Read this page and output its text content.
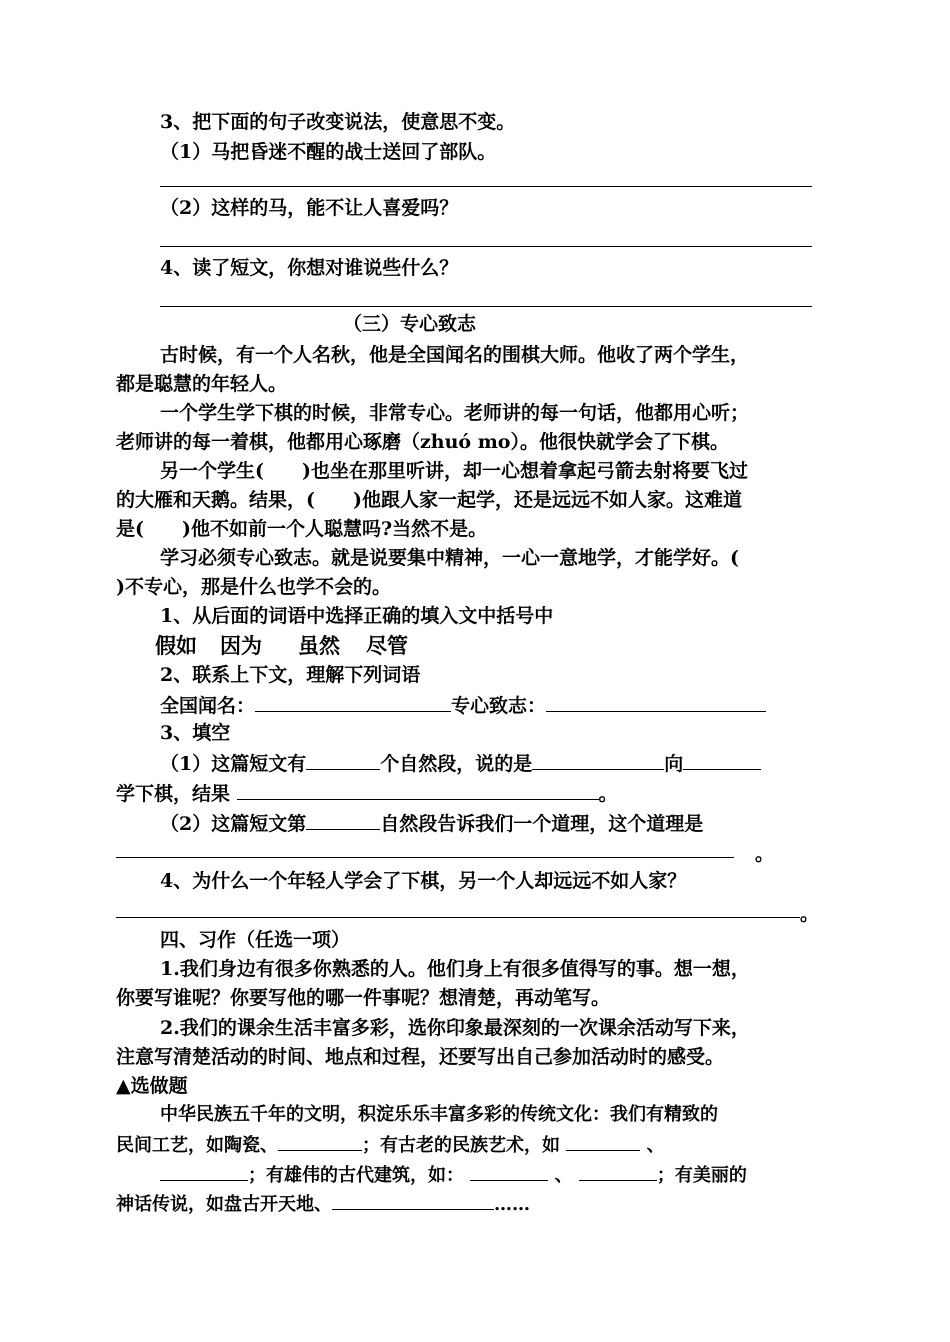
3、把下面的句子改变说法，使意思不变。
（1）马把昏迷不醒的战士送回了部队。
（2）这样的马，能不让人喜爱吗？
4、读了短文，你想对谁说些什么？
（三）专心致志
古时候，有一个人名秋，他是全国闻名的围棋大师。他收了两个学生，
都是聪慧的年轻人。
一个学生学下棋的时候，非常专心。老师讲的每一句话，他都用心听；
老师讲的每一着棋，他都用心琢磨（zhuó mo）。他很快就学会了下棋。
另一个学生(　　)也坐在那里听讲，却一心想着拿起弓箭去射将要飞过
的大雁和天鹅。结果，(　　)他跟人家一起学，还是远远不如人家。这难道
是(　　)他不如前一个人聪慧吗?当然不是。
学习必须专心致志。就是说要集中精神，一心一意地学，才能学好。(
)不专心，那是什么也学不会的。
1、从后面的词语中选择正确的填入文中括号中
假如 因为 虽然 尽管
2、联系上下文，理解下列词语
全国闻名：	专心致志：
3、填空
（1）这篇短文有	个自然段，说的是	向
学下棋，结果	。
（2）这篇短文第	自然段告诉我们一个道理，这个道理是
。
4、为什么一个年轻人学会了下棋，另一个人却远远不如人家？
。
四、习作（任选一项）
1.我们身边有很多你熟悉的人。他们身上有很多值得写的事。想一想，
你要写谁呢？你要写他的哪一件事呢？想清楚，再动笔写。
2.我们的课余生活丰富多彩，选你印象最深刻的一次课余活动写下来，
注意写清楚活动的时间、地点和过程，还要写出自己参加活动时的感受。
▲选做题
中华民族五千年的文明，积淀乐乐丰富多彩的传统文化：我们有精致的
民间工艺，如陶瓷、	；有古老的民族艺术，如	、
；有雄伟的古代建筑，如：	、	；有美丽的
神话传说，如盘古开天地、	……
